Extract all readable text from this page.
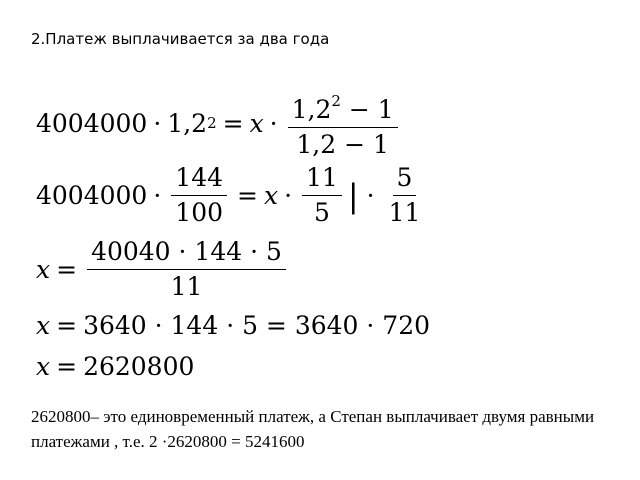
2.Платеж выплачивается за два года
4004000 · 1,2 $2 = x \cdot \frac{1,2^2 - 1}{1,2 - 1}$
$4004000 \cdot \frac{144}{100} = x \cdot \frac{11}{5}$ | · $\frac{5}{11}$
$x = \frac{40040 \cdot 144 \cdot 5}{11}$
x = 3640 · 144 · 5 = 3640 · 720
x = 2620800
2620800– это единовременный платеж, а Степан выплачивает двумя равными платежами , т.е. 2 ·2620800 = 5241600
